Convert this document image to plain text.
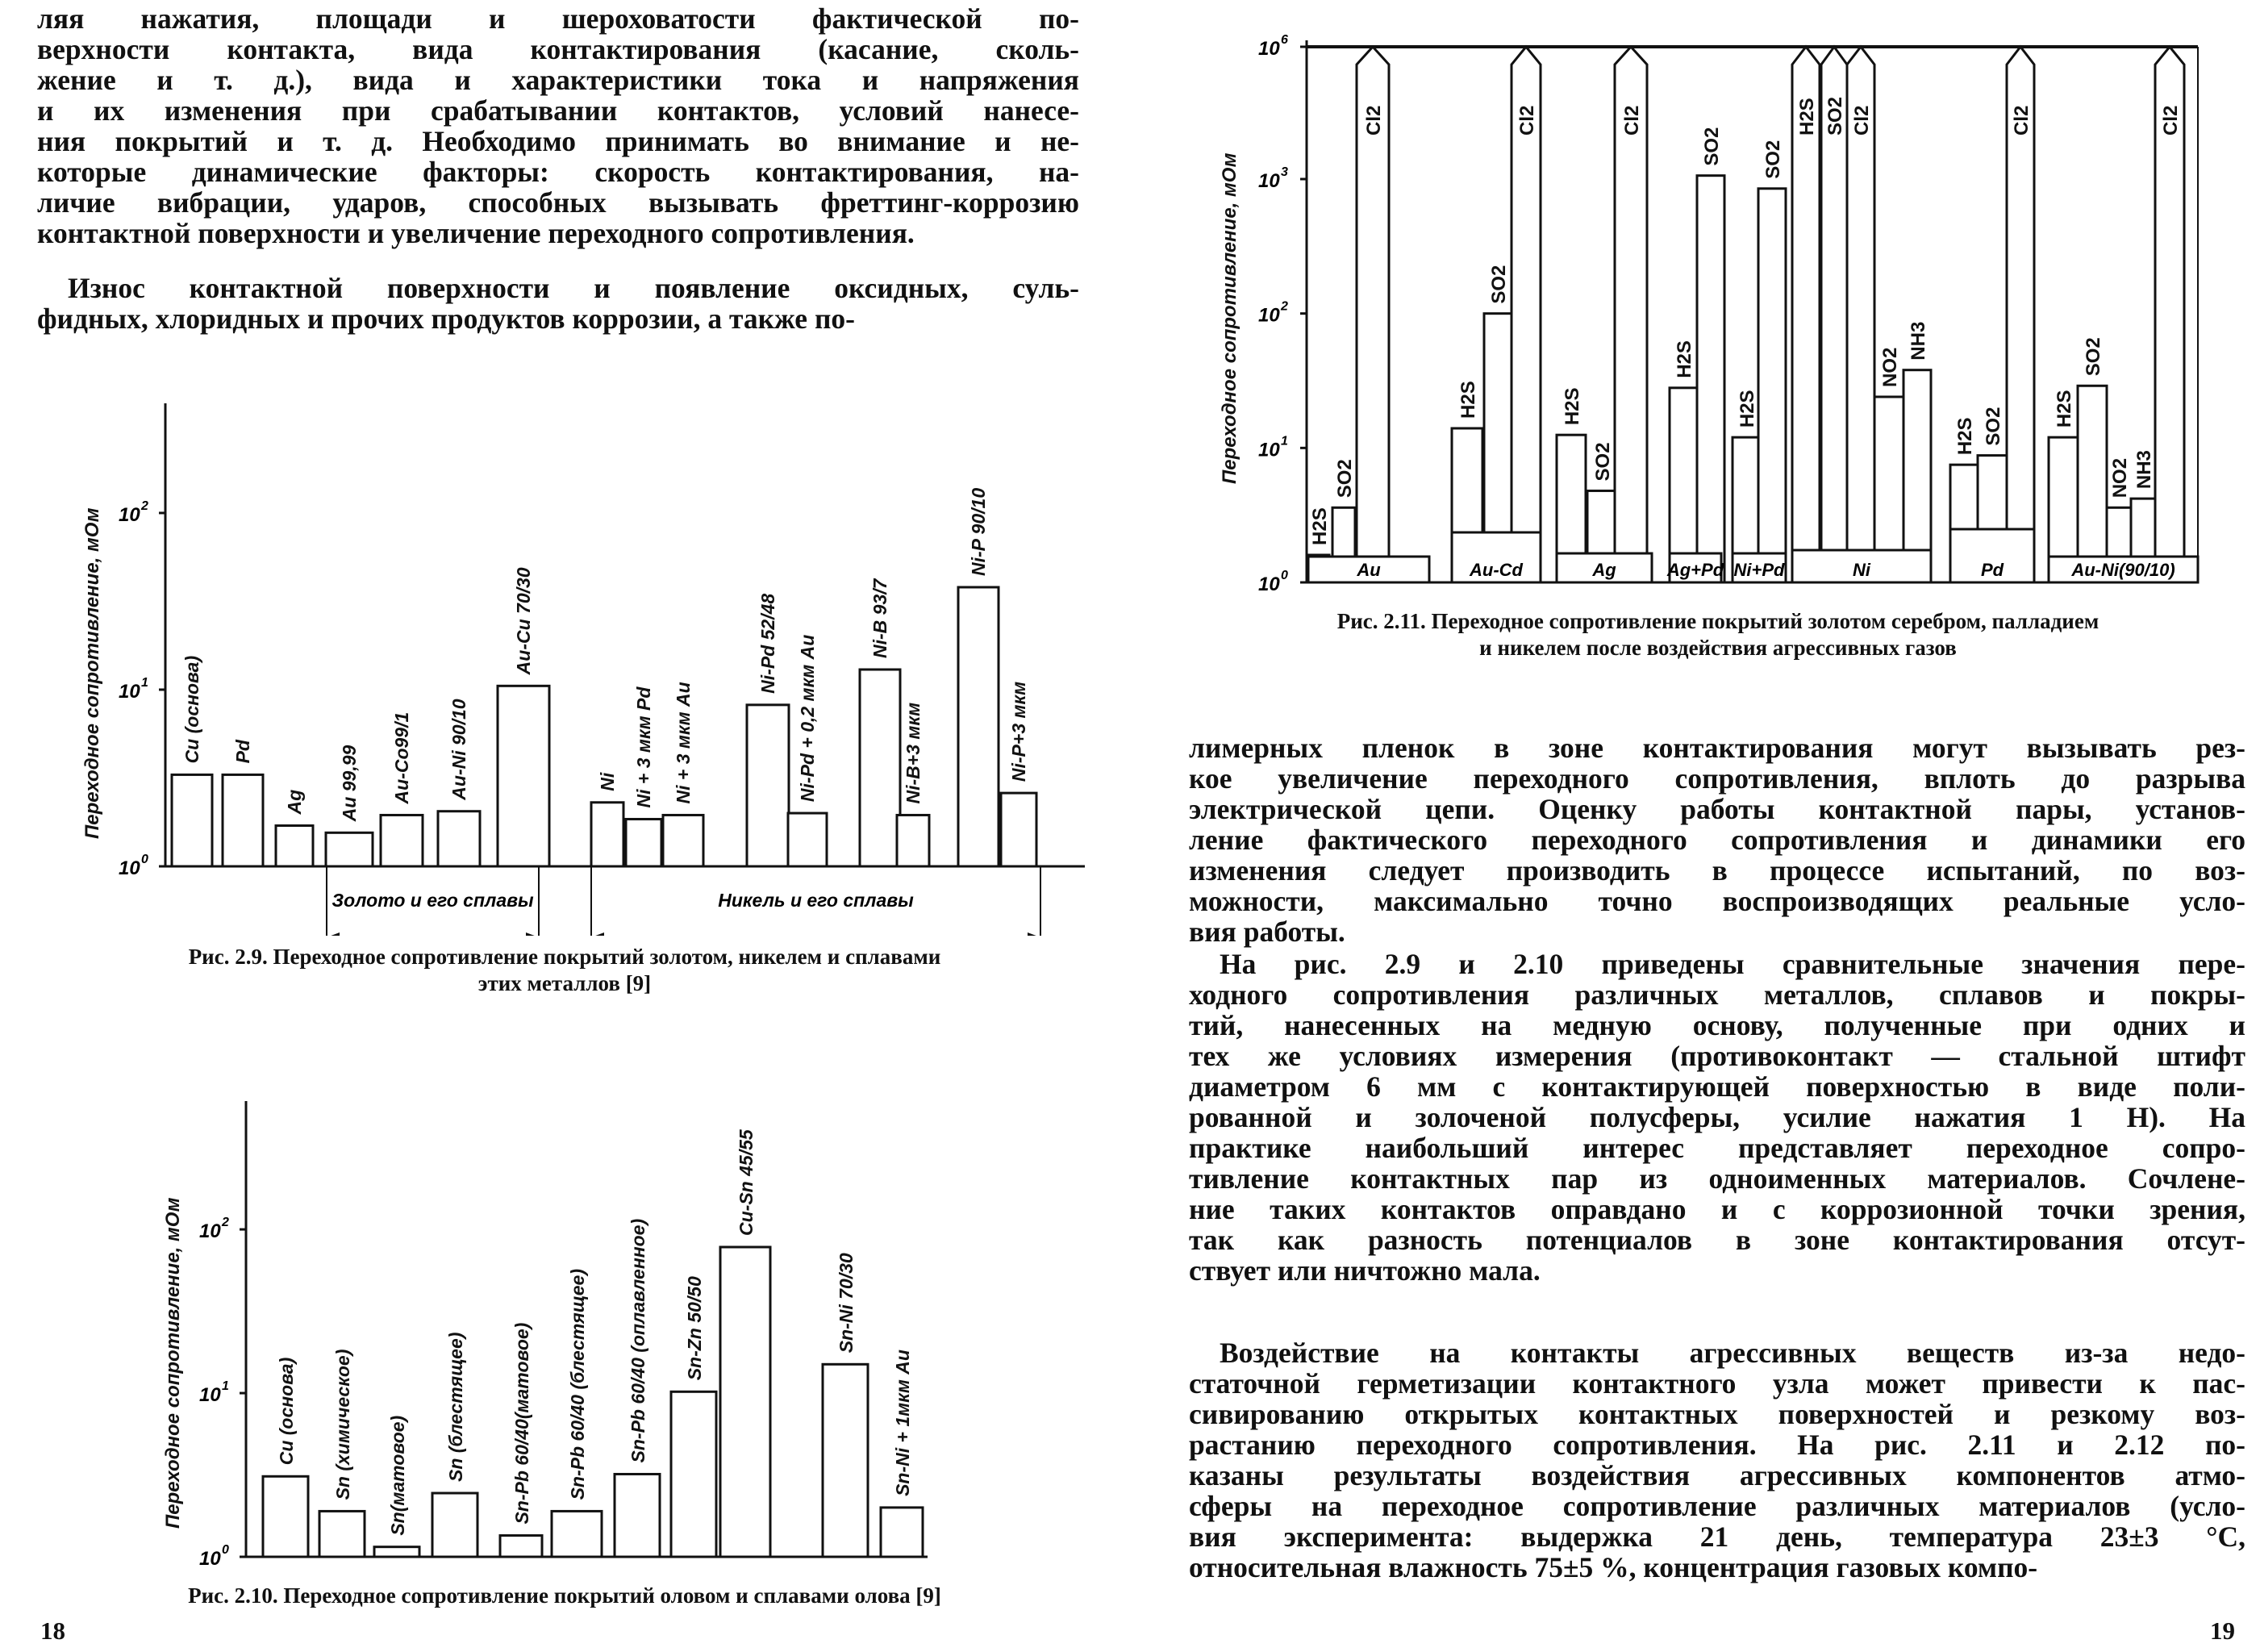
ляя нажатия, площади и шероховатости фактической по-
верхности контакта, вида контактирования (касание, сколь-
жение и т. д.), вида и характеристики тока и напряжения
и их изменения при срабатывании контактов, условий нанесе-
ния покрытий и т. д. Необходимо принимать во внимание и не-
которые динамические факторы: скорость контактирования, на-
личие вибрации, ударов, способных вызывать фреттинг-коррозию
контактной поверхности и увеличение переходного сопротивления.
Износ контактной поверхности и появление оксидных, суль-
фидных, хлоридных и прочих продуктов коррозии, а также по-
10 0
10 1
10 2
Переходное сопротивление, мОм	Cu (основа) Pd
Ag Au 99,99 Au-Co99/1 Au-Ni 90/10
Au-Cu 70/30
Ni Ni + 3 мкм Pd Ni + 3 мкм Au
Ni-Pd 52/48 Ni-Pd + 0,2 мкм Au
Ni-B 93/7
Ni-B+3 мкм
Ni-P 90/10
Ni-P+3 мкм
Золото и его сплавы	Никель и его сплавы
Рис. 2.9. Переходное сопротивление покрытий золотом, никелем и сплавами
этих металлов [9]
10 0
10 1
10 2
Переходное сопротивление, мОм	Cu (основа) Sn (химическое) Sn(матовое) Sn (блестящее) Sn-Pb 60/40(матовое) Sn-Pb 60/40 (блестящее) Sn-Pb 60/40 (оплавленное) Sn-Zn 50/50
Cu-Sn 45/55
Sn-Ni 70/30
Sn-Ni + 1мкм Au
Рис. 2.10. Переходное сопротивление покрытий оловом и сплавами олова [9]
18
10 0
10 1
10 2
10 3
10 6
Переходное сопротивление, мОм
H2S
SO2
Cl2
Au
H2S
SO2
Cl2
Au-Cd
H2S
SO2
Cl2
Ag
H2S
SO2
Ag+Pd
H2S
SO2
Ni+Pd
H2S SO2 Cl2
NO2
NH3
Ni
H2S SO2
Cl2
Pd
H2S
SO2
NO2 NH3
Cl2
Au-Ni(90/10)
Рис. 2.11. Переходное сопротивление покрытий золотом серебром, палладием
и никелем после воздействия агрессивных газов
лимерных пленок в зоне контактирования могут вызывать рез-
кое увеличение переходного сопротивления, вплоть до разрыва
электрической цепи. Оценку работы контактной пары, установ-
ление фактического переходного сопротивления и динамики его
изменения следует производить в процессе испытаний, по воз-
можности, максимально точно воспроизводящих реальные усло-
вия работы.
На рис. 2.9 и 2.10 приведены сравнительные значения пере-
ходного сопротивления различных металлов, сплавов и покры-
тий, нанесенных на медную основу, полученные при одних и
тех же условиях измерения (противоконтакт — стальной штифт
диаметром 6 мм с контактирующей поверхностью в виде поли-
рованной и золоченой полусферы, усилие нажатия 1 Н). На
практике наибольший интерес представляет переходное сопро-
тивление контактных пар из одноименных материалов. Сочлене-
ние таких контактов оправдано и с коррозионной точки зрения,
так как разность потенциалов в зоне контактирования отсут-
ствует или ничтожно мала.
Воздействие на контакты агрессивных веществ из-за недо-
статочной герметизации контактного узла может привести к пас-
сивированию открытых контактных поверхностей и резкому воз-
растанию переходного сопротивления. На рис. 2.11 и 2.12 по-
казаны результаты воздействия агрессивных компонентов атмо-
сферы на переходное сопротивление различных материалов (усло-
вия эксперимента: выдержка 21 день, температура 23±3 °С,
относительная влажность 75±5 %, концентрация газовых компо-
19
